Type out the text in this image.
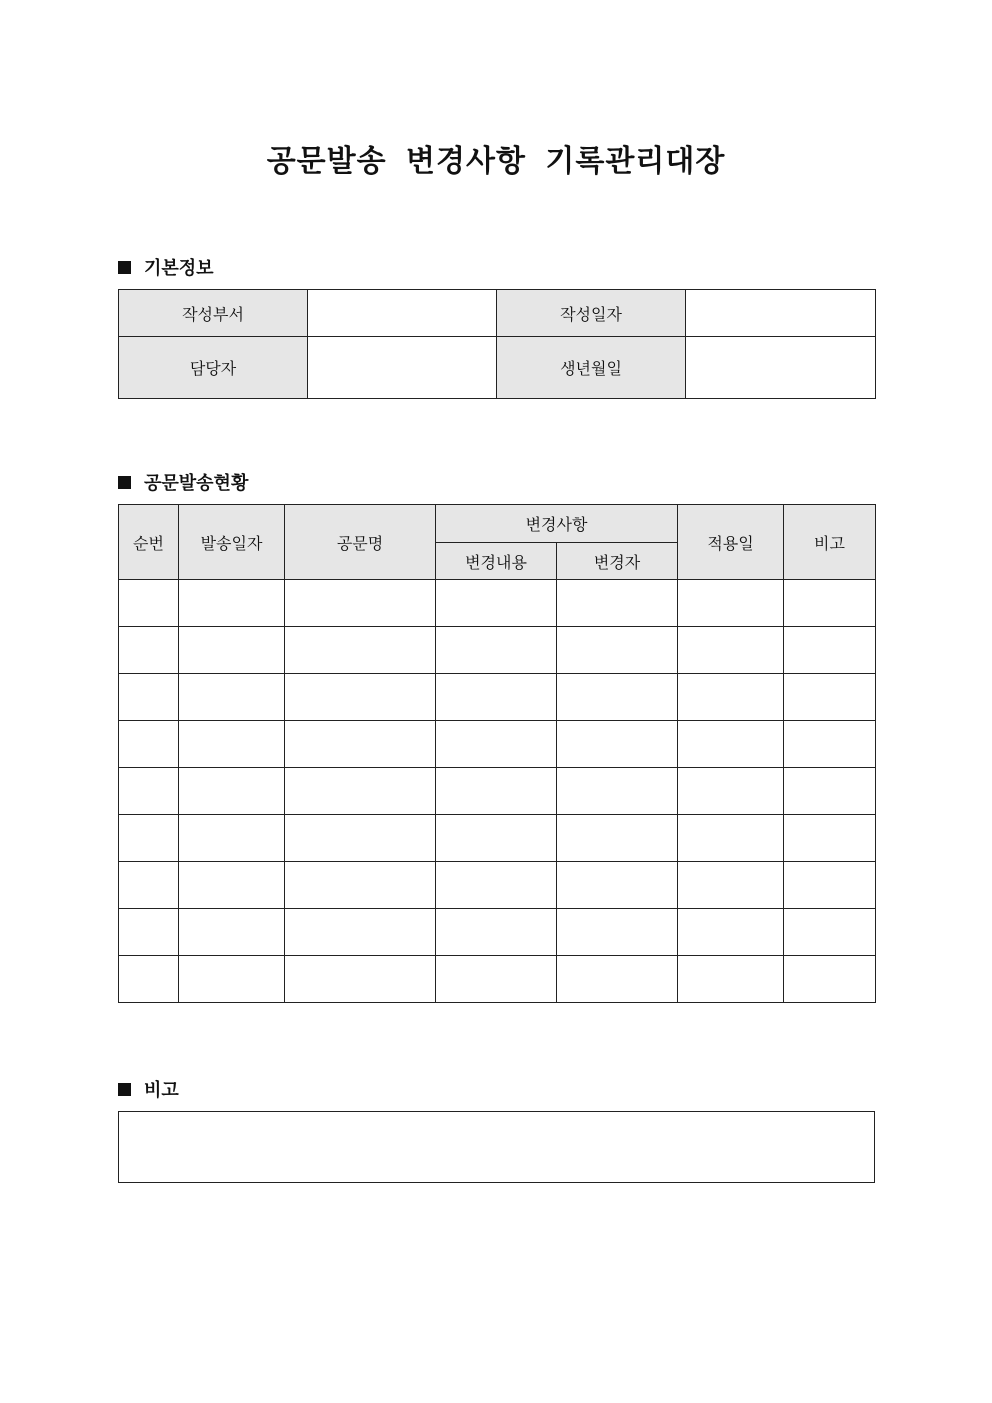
공문발송 변경사항 기록관리대장
기본정보
작성부서		작성일자	
담당자		생년월일	
공문발송현황
순번	발송일자	공문명	변경사항		적용일	비고
			변경내용	변경자		

비고
